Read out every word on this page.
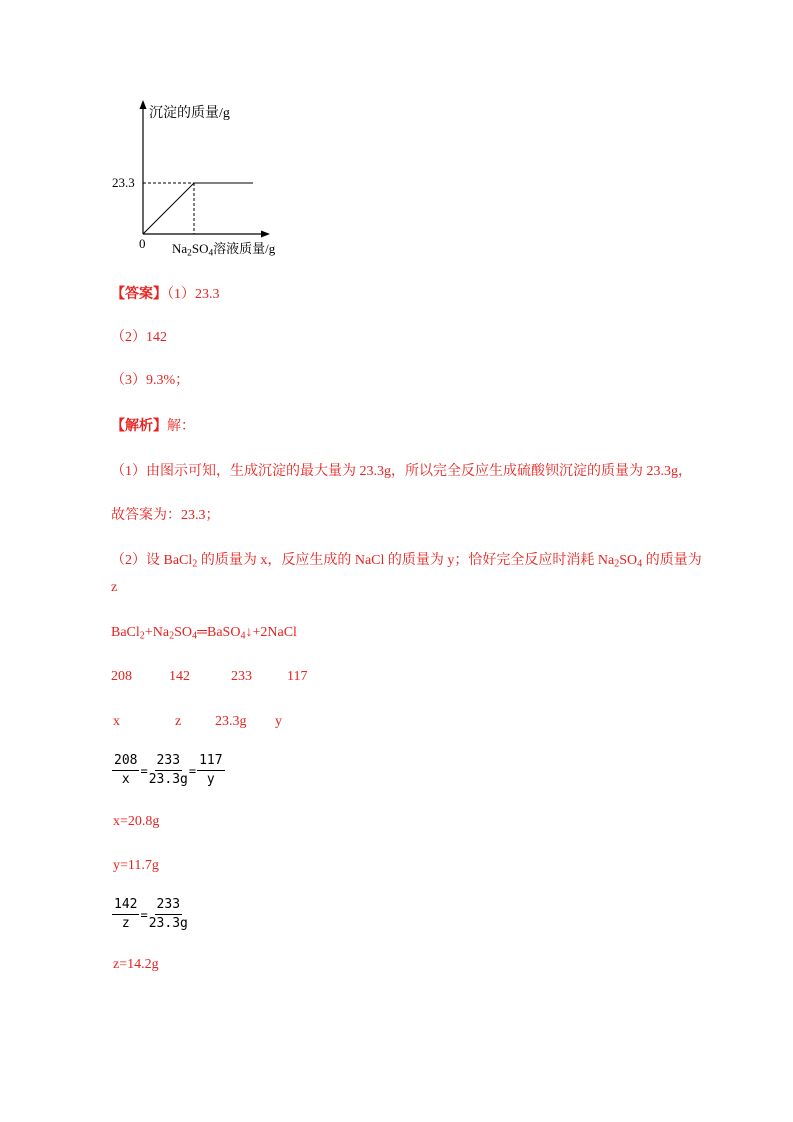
沉淀的质量/g
23.3
0 $Na_2SO_4$溶液质量/g
【答案】（1）23.3
（2）142
（3）9.3%；
【解析】解：
（1）由图示可知，生成沉淀的最大量为 23.3g，所以完全反应生成硫酸钡沉淀的质量为 23.3g，
故答案为：23.3；
（2）设 BaCl$_2$ 的质量为 x，反应生成的 NaCl 的质量为 y；恰好完全反应时消耗 $Na_2SO_4$ 的质量为
z
$BaCl_2+Na_2SO_4═BaSO_4↓+2NaCl$
208	142	233	117
x	z 23.3g y
$\frac{208}{x} = \frac{233}{23.3g} = \frac{117}{y}$
x=20.8g
y=11.7g
$\frac{142}{z} = \frac{233}{23.3g}$
z=14.2g
